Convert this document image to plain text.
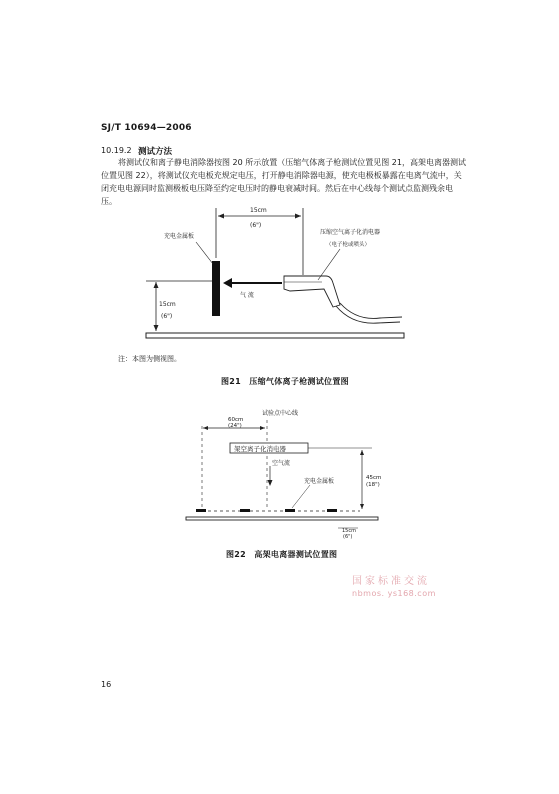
SJ/T 10694—2006
10.19.2 测试方法
将测试仪和离子静电消除器按图 20 所示放置（压缩气体离子枪测试位置见图 21，高架电离器测试
位置见图 22），将测试仪充电板充规定电压，打开静电消除器电源，使充电极板暴露在电离气流中，关
闭充电电源同时监测极板电压降至约定电压时的静电衰减时间。然后在中心线每个测试点监测残余电
压。
15cm
(6")
15cm
(6")
充电金属板
气 流
压缩空气离子化消电器
（电子枪或喷头）
注：本图为侧视图。
图21　压缩气体离子枪测试位置图
60cm
(24")
试验点中心线
架空离子化消电器
空气流
45cm
(18")
充电金属板
15cm
(6")
图22　高架电离器测试位置图
国家标准交流
nbmos. ys168.com
16
